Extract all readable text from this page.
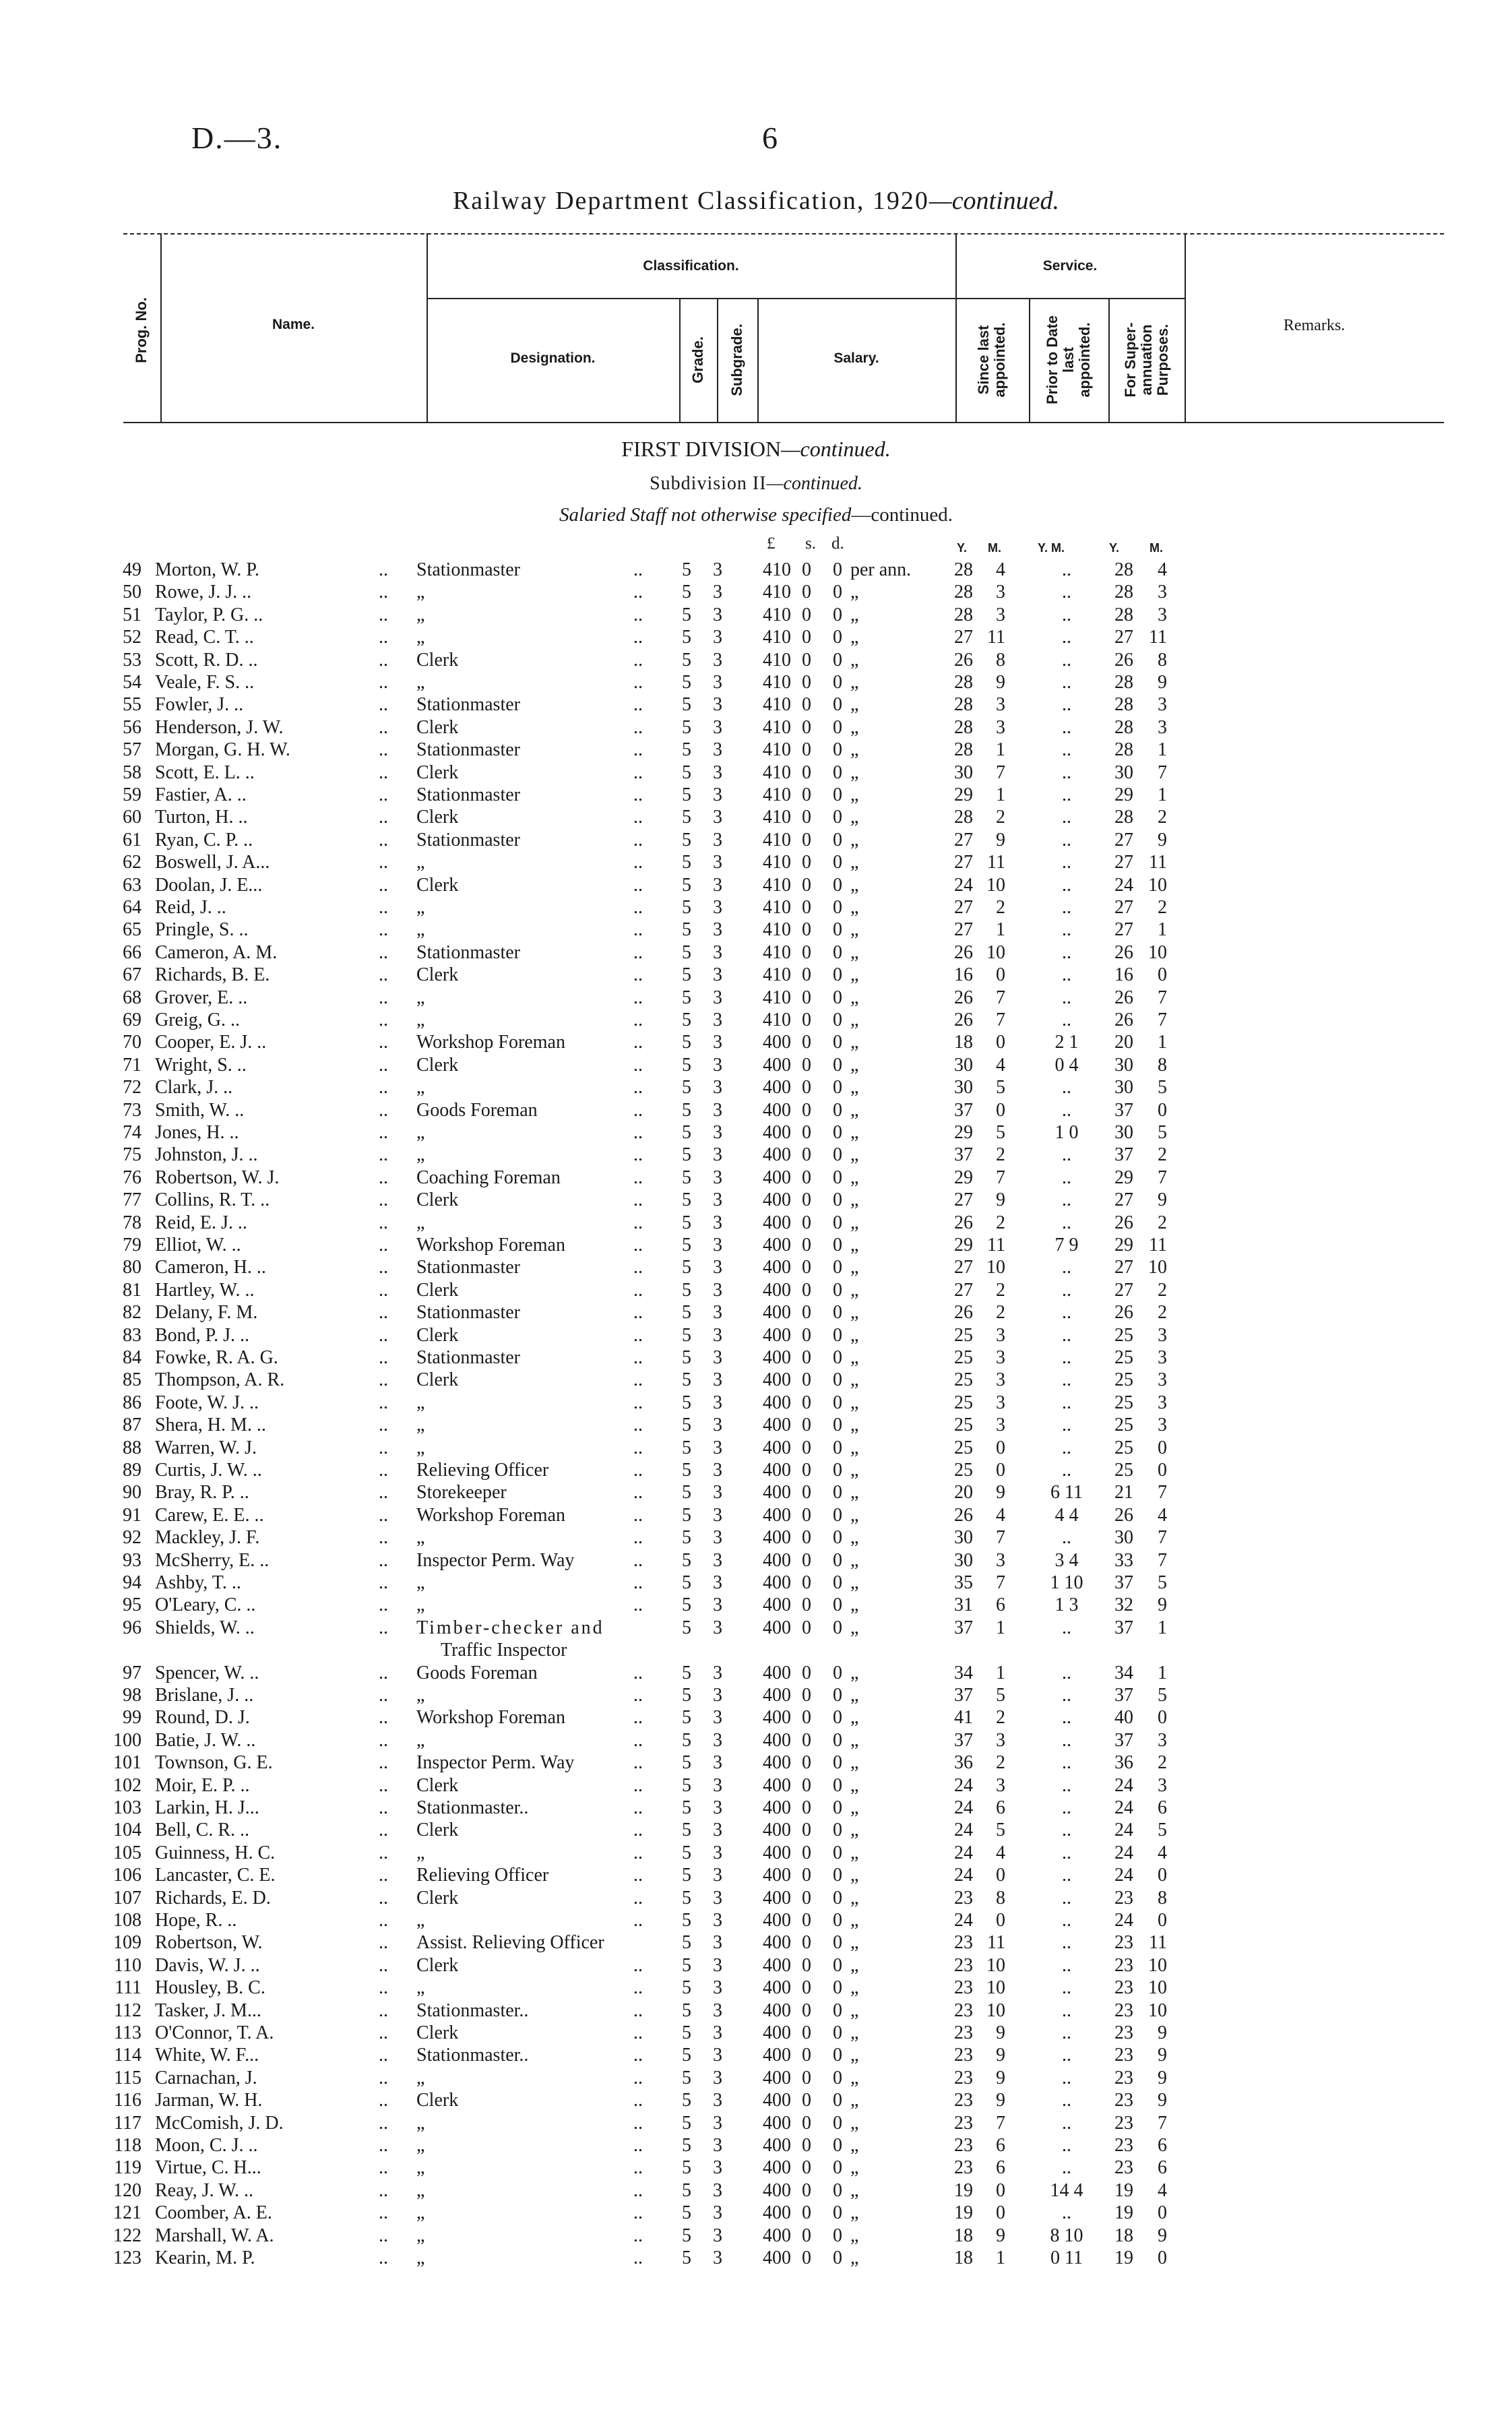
D.—3.	6
Railway Department Classification, 1920—continued.
Prog. No.	Name.
Classification.	Service.
Designation.	Grade. Subgrade.	Salary.	Since last appointed. Prior to Date last appointed. For Super- annuation Purposes.	Remarks.
FIRST DIVISION—continued.
Subdivision II—continued.
Salaried Staff not otherwise specified—continued.
£ s. d.	Y. M.	Y. M.	Y. M.
49 Morton, W. P.	..	Stationmaster	..	5 3	410 0 0 per ann.	28	4	..	28	4
50 Rowe, J. J. ..	..	„	..	5 3	410 0 0 „	28	3	..	28	3
51 Taylor, P. G. ..	..	„	..	5 3	410 0 0 „	28	3	..	28	3
52 Read, C. T. ..	..	„	..	5 3	410 0 0 „	27 11	..	27 11
53 Scott, R. D. ..	..	Clerk	..	5 3	410 0 0 „	26	8	..	26	8
54 Veale, F. S. ..	..	„	..	5 3	410 0 0 „	28	9	..	28	9
55 Fowler, J. ..	..	Stationmaster	..	5 3	410 0 0 „	28	3	..	28	3
56 Henderson, J. W.	..	Clerk	..	5 3	410 0 0 „	28	3	..	28	3
57 Morgan, G. H. W.	..	Stationmaster	..	5 3	410 0 0 „	28	1	..	28	1
58 Scott, E. L. ..	..	Clerk	..	5 3	410 0 0 „	30	7	..	30	7
59 Fastier, A. ..	..	Stationmaster	..	5 3	410 0 0 „	29	1	..	29	1
60 Turton, H. ..	..	Clerk	..	5 3	410 0 0 „	28	2	..	28	2
61 Ryan, C. P. ..	..	Stationmaster	..	5 3	410 0 0 „	27	9	..	27	9
62 Boswell, J. A...	..	„	..	5 3	410 0 0 „	27 11	..	27 11
63 Doolan, J. E...	..	Clerk	..	5 3	410 0 0 „	24 10	..	24 10
64 Reid, J. ..	..	„	..	5 3	410 0 0 „	27	2	..	27	2
65 Pringle, S. ..	..	„	..	5 3	410 0 0 „	27	1	..	27	1
66 Cameron, A. M.	..	Stationmaster	..	5 3	410 0 0 „	26 10	..	26 10
67 Richards, B. E.	..	Clerk	..	5 3	410 0 0 „	16	0	..	16	0
68 Grover, E. ..	..	„	..	5 3	410 0 0 „	26	7	..	26	7
69 Greig, G. ..	..	„	..	5 3	410 0 0 „	26	7	..	26	7
70 Cooper, E. J. ..	..	Workshop Foreman	..	5 3	400 0 0 „	18	0	2 1	20	1
71 Wright, S. ..	..	Clerk	..	5 3	400 0 0 „	30	4	0 4	30	8
72 Clark, J. ..	..	„	..	5 3	400 0 0 „	30	5	..	30	5
73 Smith, W. ..	..	Goods Foreman	..	5 3	400 0 0 „	37	0	..	37	0
74 Jones, H. ..	..	„	..	5 3	400 0 0 „	29	5	1 0	30	5
75 Johnston, J. ..	..	„	..	5 3	400 0 0 „	37	2	..	37	2
76 Robertson, W. J.	..	Coaching Foreman	..	5 3	400 0 0 „	29	7	..	29	7
77 Collins, R. T. ..	..	Clerk	..	5 3	400 0 0 „	27	9	..	27	9
78 Reid, E. J. ..	..	„	..	5 3	400 0 0 „	26	2	..	26	2
79 Elliot, W. ..	..	Workshop Foreman	..	5 3	400 0 0 „	29 11	7 9	29 11
80 Cameron, H. ..	..	Stationmaster	..	5 3	400 0 0 „	27 10	..	27 10
81 Hartley, W. ..	..	Clerk	..	5 3	400 0 0 „	27	2	..	27	2
82 Delany, F. M.	..	Stationmaster	..	5 3	400 0 0 „	26	2	..	26	2
83 Bond, P. J. ..	..	Clerk	..	5 3	400 0 0 „	25	3	..	25	3
84 Fowke, R. A. G.	..	Stationmaster	..	5 3	400 0 0 „	25	3	..	25	3
85 Thompson, A. R.	..	Clerk	..	5 3	400 0 0 „	25	3	..	25	3
86 Foote, W. J. ..	..	„	..	5 3	400 0 0 „	25	3	..	25	3
87 Shera, H. M. ..	..	„	..	5 3	400 0 0 „	25	3	..	25	3
88 Warren, W. J.	..	„	..	5 3	400 0 0 „	25	0	..	25	0
89 Curtis, J. W. ..	..	Relieving Officer	..	5 3	400 0 0 „	25	0	..	25	0
90 Bray, R. P. ..	..	Storekeeper	..	5 3	400 0 0 „	20	9	6 11	21	7
91 Carew, E. E. ..	..	Workshop Foreman	..	5 3	400 0 0 „	26	4	4 4	26	4
92 Mackley, J. F.	..	„	..	5 3	400 0 0 „	30	7	..	30	7
93 McSherry, E. ..	..	Inspector Perm. Way	..	5 3	400 0 0 „	30	3	3 4	33	7
94 Ashby, T. ..	..	„	..	5 3	400 0 0 „	35	7	1 10	37	5
95 O'Leary, C. ..	..	„	..	5 3	400 0 0 „	31	6	1 3	32	9
96 Shields, W. ..	..	Timber-checker and	5 3	400 0 0 „	37	1	..	37	1
Traffic Inspector
97 Spencer, W. ..	..	Goods Foreman	..	5 3	400 0 0 „	34	1	..	34	1
98 Brislane, J. ..	..	„	..	5 3	400 0 0 „	37	5	..	37	5
99 Round, D. J.	..	Workshop Foreman	..	5 3	400 0 0 „	41	2	..	40	0
100 Batie, J. W. ..	..	„	..	5 3	400 0 0 „	37	3	..	37	3
101 Townson, G. E.	..	Inspector Perm. Way	..	5 3	400 0 0 „	36	2	..	36	2
102 Moir, E. P. ..	..	Clerk	..	5 3	400 0 0 „	24	3	..	24	3
103 Larkin, H. J...	..	Stationmaster..	..	5 3	400 0 0 „	24	6	..	24	6
104 Bell, C. R. ..	..	Clerk	..	5 3	400 0 0 „	24	5	..	24	5
105 Guinness, H. C.	..	„	..	5 3	400 0 0 „	24	4	..	24	4
106 Lancaster, C. E.	..	Relieving Officer	..	5 3	400 0 0 „	24	0	..	24	0
107 Richards, E. D.	..	Clerk	..	5 3	400 0 0 „	23	8	..	23	8
108 Hope, R. ..	..	„	..	5 3	400 0 0 „	24	0	..	24	0
109 Robertson, W.	..	Assist. Relieving Officer	5 3	400 0 0 „	23 11	..	23 11
110 Davis, W. J. ..	..	Clerk	..	5 3	400 0 0 „	23 10	..	23 10
111 Housley, B. C.	..	„	..	5 3	400 0 0 „	23 10	..	23 10
112 Tasker, J. M...	..	Stationmaster..	..	5 3	400 0 0 „	23 10	..	23 10
113 O'Connor, T. A.	..	Clerk	..	5 3	400 0 0 „	23	9	..	23	9
114 White, W. F...	..	Stationmaster..	..	5 3	400 0 0 „	23	9	..	23	9
115 Carnachan, J.	..	„	..	5 3	400 0 0 „	23	9	..	23	9
116 Jarman, W. H.	..	Clerk	..	5 3	400 0 0 „	23	9	..	23	9
117 McComish, J. D.	..	„	..	5 3	400 0 0 „	23	7	..	23	7
118 Moon, C. J. ..	..	„	..	5 3	400 0 0 „	23	6	..	23	6
119 Virtue, C. H...	..	„	..	5 3	400 0 0 „	23	6	..	23	6
120 Reay, J. W. ..	..	„	..	5 3	400 0 0 „	19	0	14 4	19	4
121 Coomber, A. E.	..	„	..	5 3	400 0 0 „	19	0	..	19	0
122 Marshall, W. A.	..	„	..	5 3	400 0 0 „	18	9	8 10	18	9
123 Kearin, M. P.	..	„	..	5 3	400 0 0 „	18	1	0 11	19	0
